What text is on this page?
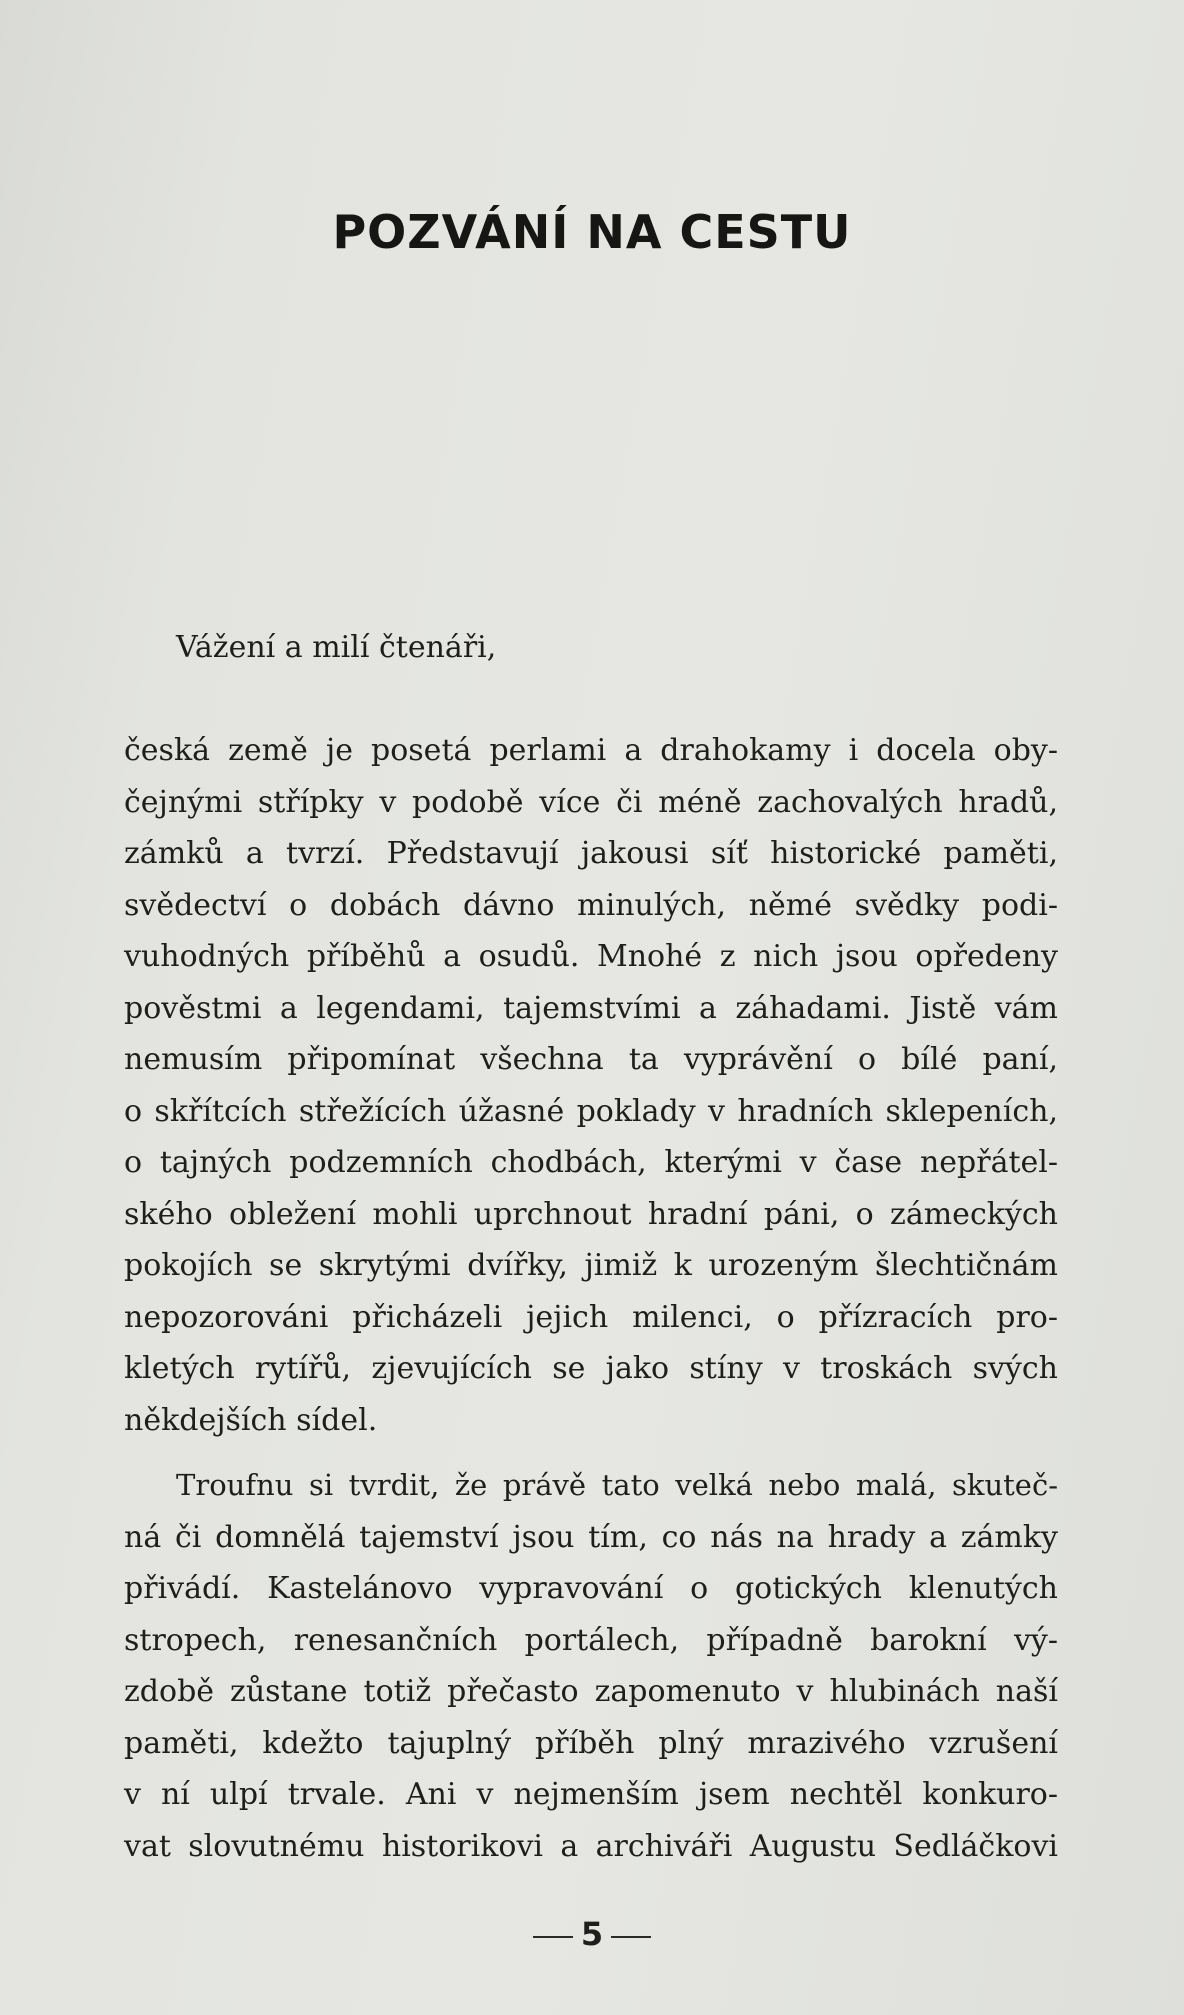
POZVÁNÍ NA CESTU

Vážení a milí čtenáři,

česká země je posetá perlami a drahokamy i docela oby-
čejnými střípky v podobě více či méně zachovalých hradů,
zámků a tvrzí. Představují jakousi síť historické paměti,
svědectví o dobách dávno minulých, němé svědky podi-
vuhodných příběhů a osudů. Mnohé z nich jsou opředeny
pověstmi a legendami, tajemstvími a záhadami. Jistě vám
nemusím připomínat všechna ta vyprávění o bílé paní,
o skřítcích střežících úžasné poklady v hradních sklepeních,
o tajných podzemních chodbách, kterými v čase nepřátel-
ského obležení mohli uprchnout hradní páni, o zámeckých
pokojích se skrytými dvířky, jimiž k urozeným šlechtičnám
nepozorováni přicházeli jejich milenci, o přízracích pro-
kletých rytířů, zjevujících se jako stíny v troskách svých
někdejších sídel.
Troufnu si tvrdit, že právě tato velká nebo malá, skuteč-
ná či domnělá tajemství jsou tím, co nás na hrady a zámky
přivádí. Kastelánovo vypravování o gotických klenutých
stropech, renesančních portálech, případně barokní vý-
zdobě zůstane totiž přečasto zapomenuto v hlubinách naší
paměti, kdežto tajuplný příběh plný mrazivého vzrušení
v ní ulpí trvale. Ani v nejmenším jsem nechtěl konkuro-
vat slovutnému historikovi a archiváři Augustu Sedláčkovi
5
